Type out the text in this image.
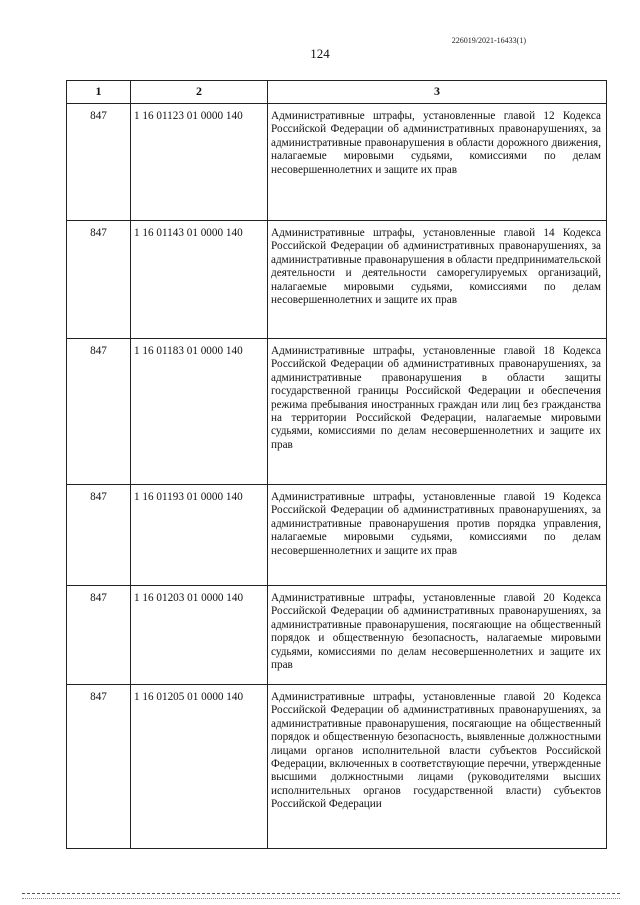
226019/2021-16433(1)
124
1	2	3
847	1 16 01123 01 0000 140	Административные штрафы, установленные главой 12 Кодекса Российской Федерации об административных правонарушениях, за административные правонарушения в области дорожного движения, налагаемые мировыми судьями, комиссиями по делам несовершеннолетних и защите их прав
847	1 16 01143 01 0000 140	Административные штрафы, установленные главой 14 Кодекса Российской Федерации об административных правонарушениях, за административные правонарушения в области предпринимательской деятельности и деятельности саморегулируемых организаций, налагаемые мировыми судьями, комиссиями по делам несовершеннолетних и защите их прав
847	1 16 01183 01 0000 140	Административные штрафы, установленные главой 18 Кодекса Российской Федерации об административных правонарушениях, за административные правонарушения в области защиты государственной границы Российской Федерации и обеспечения режима пребывания иностранных граждан или лиц без гражданства на территории Российской Федерации, налагаемые мировыми судьями, комиссиями по делам несовершеннолетних и защите их прав
847	1 16 01193 01 0000 140	Административные штрафы, установленные главой 19 Кодекса Российской Федерации об административных правонарушениях, за административные правонарушения против порядка управления, налагаемые мировыми судьями, комиссиями по делам несовершеннолетних и защите их прав
847	1 16 01203 01 0000 140	Административные штрафы, установленные главой 20 Кодекса Российской Федерации об административных правонарушениях, за административные правонарушения, посягающие на общественный порядок и общественную безопасность, налагаемые мировыми судьями, комиссиями по делам несовершеннолетних и защите их прав
847	1 16 01205 01 0000 140	Административные штрафы, установленные главой 20 Кодекса Российской Федерации об административных правонарушениях, за административные правонарушения, посягающие на общественный порядок и общественную безопасность, выявленные должностными лицами органов исполнительной власти субъектов Российской Федерации, включенных в соответствующие перечни, утвержденные высшими должностными лицами (руководителями высших исполнительных органов государственной власти) субъектов Российской Федерации
